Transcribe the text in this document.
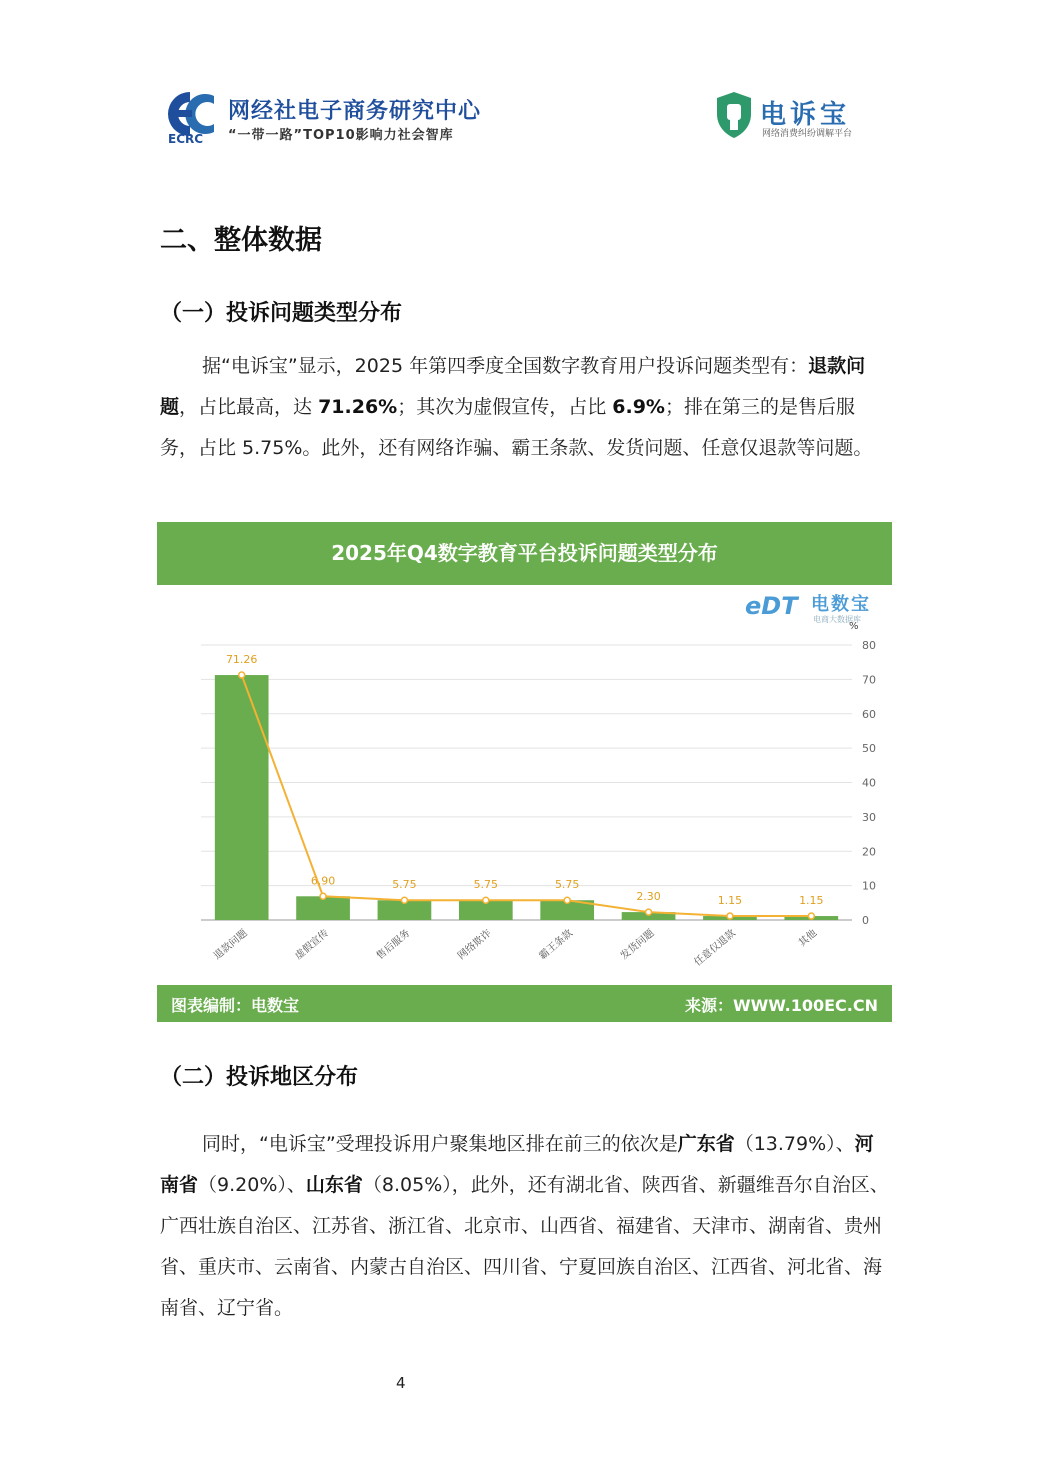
ECRC
网经社电子商务研究中心
“一带一路”TOP10影响力社会智库
电诉宝
网络消费纠纷调解平台
二、整体数据
（一）投诉问题类型分布
据“电诉宝”显示，2025 年第四季度全国数字教育用户投诉问题类型有：退款问题，占比最高，达 71.26%；其次为虚假宣传，占比 6.9%；排在第三的是售后服务，占比 5.75%。此外，还有网络诈骗、霸王条款、发货问题、任意仅退款等问题。
2025年Q4数字教育平台投诉问题类型分布
eDT 电数宝
电商大数据库
0
10
20
30
40
50
60
70
80
%
71.26
6.90	5.75	5.75	5.75
2.30	1.15	1.15
退款问题	虚假宣传	售后服务	网络欺诈	霸王条款	发货问题	任意仅退款	其他
图表编制：电数宝	来源：WWW.100EC.CN
（二）投诉地区分布
同时，“电诉宝”受理投诉用户聚集地区排在前三的依次是广东省（13.79%）、河南省（9.20%）、山东省（8.05%），此外，还有湖北省、陕西省、新疆维吾尔自治区、广西壮族自治区、江苏省、浙江省、北京市、山西省、福建省、天津市、湖南省、贵州省、重庆市、云南省、内蒙古自治区、四川省、宁夏回族自治区、江西省、河北省、海南省、辽宁省。
4
